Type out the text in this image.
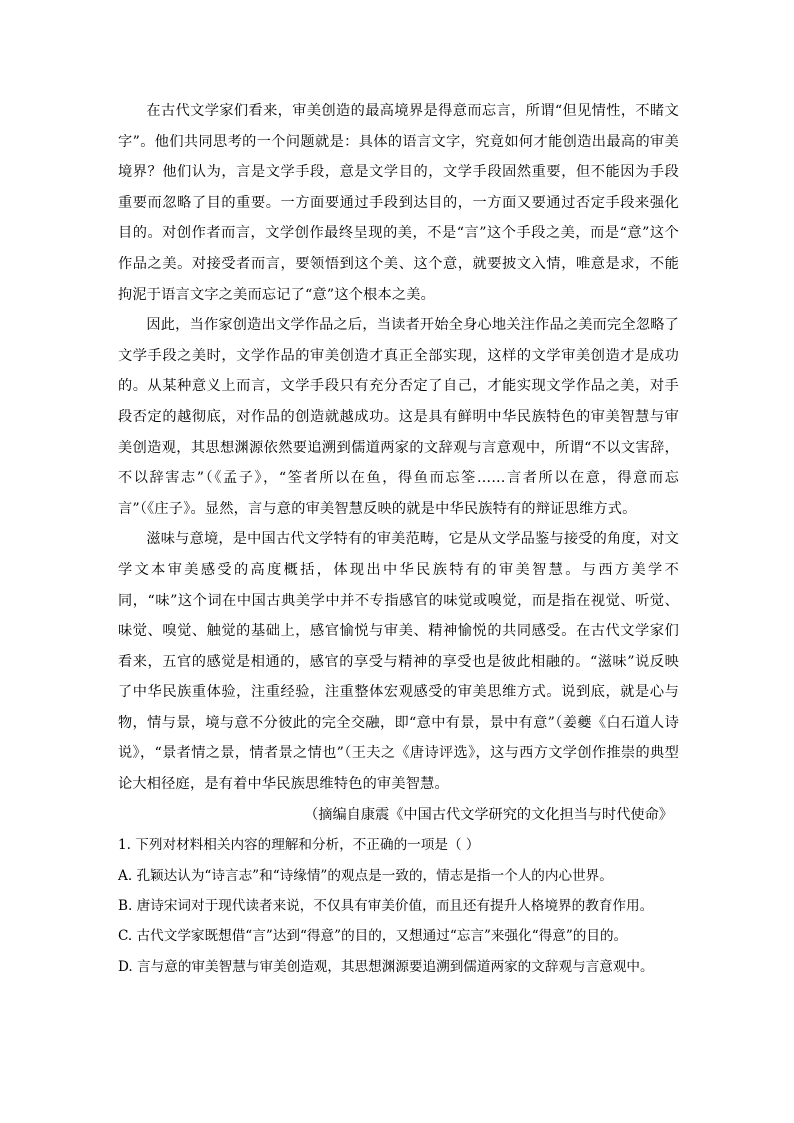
在古代文学家们看来，审美创造的最高境界是得意而忘言，所谓“但见情性，不睹文字”。他们共同思考的一个问题就是：具体的语言文字，究竟如何才能创造出最高的审美境界？他们认为，言是文学手段，意是文学目的，文学手段固然重要，但不能因为手段重要而忽略了目的重要。一方面要通过手段到达目的，一方面又要通过否定手段来强化目的。对创作者而言，文学创作最终呈现的美，不是“言”这个手段之美，而是“意”这个作品之美。对接受者而言，要领悟到这个美、这个意，就要披文入情，唯意是求，不能拘泥于语言文字之美而忘记了“意”这个根本之美。

因此，当作家创造出文学作品之后，当读者开始全身心地关注作品之美而完全忽略了文学手段之美时，文学作品的审美创造才真正全部实现，这样的文学审美创造才是成功的。从某种意义上而言，文学手段只有充分否定了自己，才能实现文学作品之美，对手段否定的越彻底，对作品的创造就越成功。这是具有鲜明中华民族特色的审美智慧与审美创造观，其思想渊源依然要追溯到儒道两家的文辞观与言意观中，所谓“不以文害辞，不以辞害志”（《孟子》，“筌者所以在鱼，得鱼而忘筌……言者所以在意，得意而忘言”（《庄子》。显然，言与意的审美智慧反映的就是中华民族特有的辩证思维方式。

滋味与意境，是中国古代文学特有的审美范畴，它是从文学品鉴与接受的角度，对文学文本审美感受的高度概括，体现出中华民族特有的审美智慧。与西方美学不同，“味”这个词在中国古典美学中并不专指感官的味觉或嗅觉，而是指在视觉、听觉、味觉、嗅觉、触觉的基础上，感官愉悦与审美、精神愉悦的共同感受。在古代文学家们看来，五官的感觉是相通的，感官的享受与精神的享受也是彼此相融的。“滋味”说反映了中华民族重体验，注重经验，注重整体宏观感受的审美思维方式。说到底，就是心与物，情与景，境与意不分彼此的完全交融，即“意中有景，景中有意”（姜夔《白石道人诗说》，“景者情之景，情者景之情也”（王夫之《唐诗评选》，这与西方文学创作推崇的典型论大相径庭，是有着中华民族思维特色的审美智慧。

（摘编自康震《中国古代文学研究的文化担当与时代使命》

1. 下列对材料相关内容的理解和分析，不正确的一项是（ ）

A. 孔颖达认为“诗言志”和“诗缘情”的观点是一致的，情志是指一个人的内心世界。

B. 唐诗宋词对于现代读者来说，不仅具有审美价值，而且还有提升人格境界的教育作用。

C. 古代文学家既想借“言”达到“得意”的目的，又想通过“忘言”来强化“得意”的目的。

D. 言与意的审美智慧与审美创造观，其思想渊源要追溯到儒道两家的文辞观与言意观中。
